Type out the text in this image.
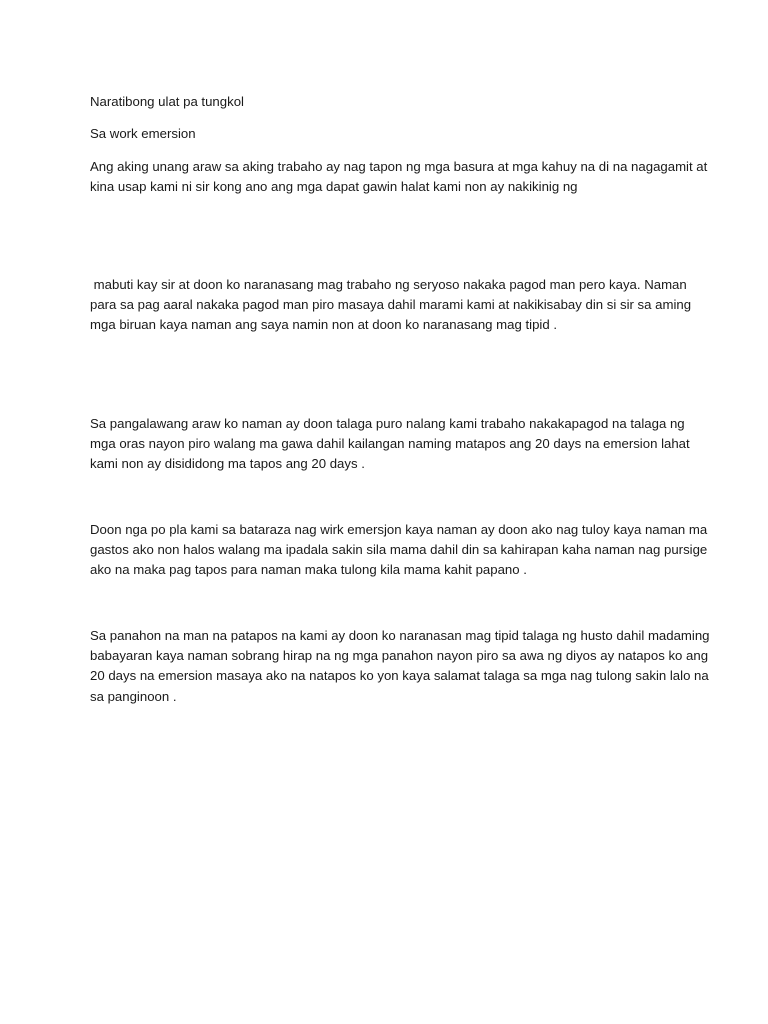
Naratibong ulat pa tungkol

Sa work emersion

Ang aking unang araw sa aking trabaho ay nag tapon ng mga basura at mga kahuy na di na nagagamit at
kina usap kami ni sir kong ano ang mga dapat gawin halat kami non ay nakikinig ng

mabuti kay sir at doon ko naranasang mag trabaho ng seryoso nakaka pagod man pero kaya. Naman
para sa pag aaral nakaka pagod man piro masaya dahil marami kami at nakikisabay din si sir sa aming
mga biruan kaya naman ang saya namin non at doon ko naranasang mag tipid .

Sa pangalawang araw ko naman ay doon talaga puro nalang kami trabaho nakakapagod na talaga ng
mga oras nayon piro walang ma gawa dahil kailangan naming matapos ang 20 days na emersion lahat
kami non ay disididong ma tapos ang 20 days .

Doon nga po pla kami sa bataraza nag wirk emersjon kaya naman ay doon ako nag tuloy kaya naman ma
gastos ako non halos walang ma ipadala sakin sila mama dahil din sa kahirapan kaha naman nag pursige
ako na maka pag tapos para naman maka tulong kila mama kahit papano .

Sa panahon na man na patapos na kami ay doon ko naranasan mag tipid talaga ng husto dahil madaming
babayaran kaya naman sobrang hirap na ng mga panahon nayon piro sa awa ng diyos ay natapos ko ang
20 days na emersion masaya ako na natapos ko yon kaya salamat talaga sa mga nag tulong sakin lalo na
sa panginoon .
